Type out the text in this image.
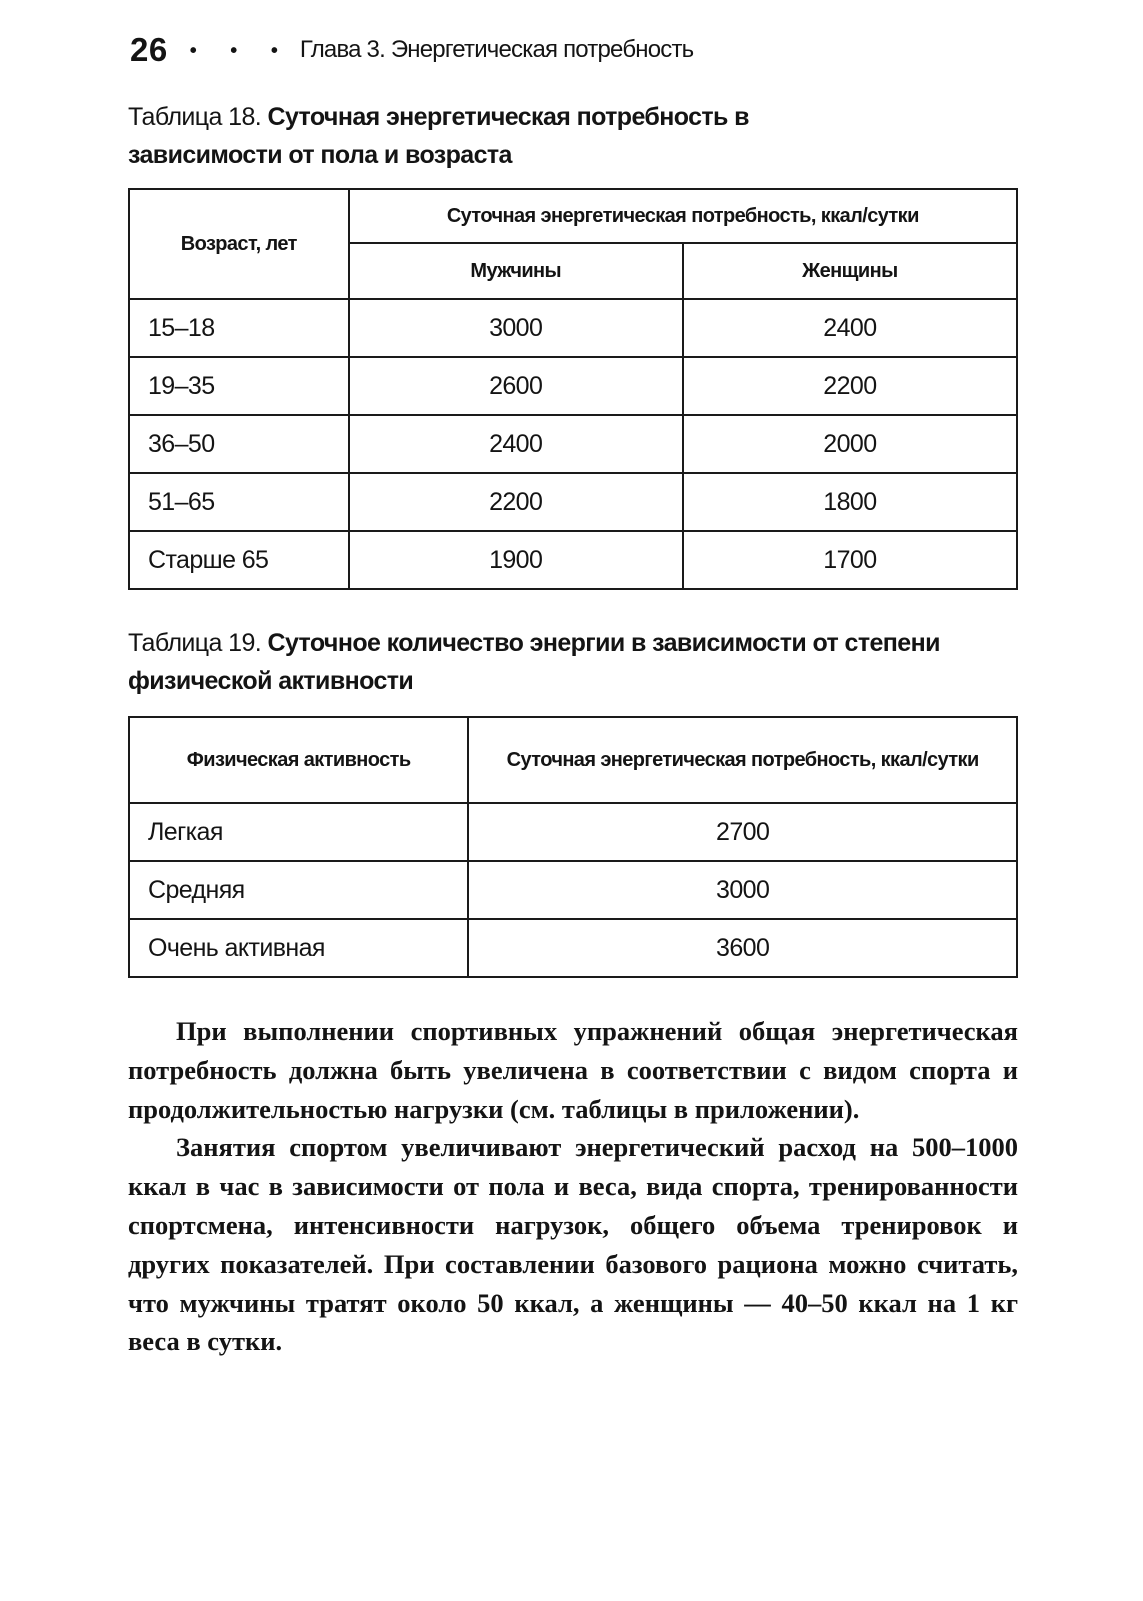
26 • • • Глава 3. Энергетическая потребность
Таблица 18. Суточная энергетическая потребность в зависимости от пола и возраста
Возраст, лет	Суточная энергетическая потребность, ккал/сутки	
	Мужчины	Женщины
15–18	3000	2400
19–35	2600	2200
36–50	2400	2000
51–65	2200	1800
Старше 65	1900	1700
Таблица 19. Суточное количество энергии в зависимости от степени физической активности
Физическая активность	Суточная энергетическая потребность, ккал/сутки
Легкая	2700
Средняя	3000
Очень активная	3600

При выполнении спортивных упражнений общая энергетическая потребность должна быть увеличена в соответствии с видом спорта и продолжительностью нагрузки (см. таблицы в приложении).

Занятия спортом увеличивают энергетический расход на 500–1000 ккал в час в зависимости от пола и веса, вида спорта, тренированности спортсмена, интенсивности нагрузок, общего объема тренировок и других показателей. При составлении базового рациона можно считать, что мужчины тратят около 50 ккал, а женщины — 40–50 ккал на 1 кг веса в сутки.
